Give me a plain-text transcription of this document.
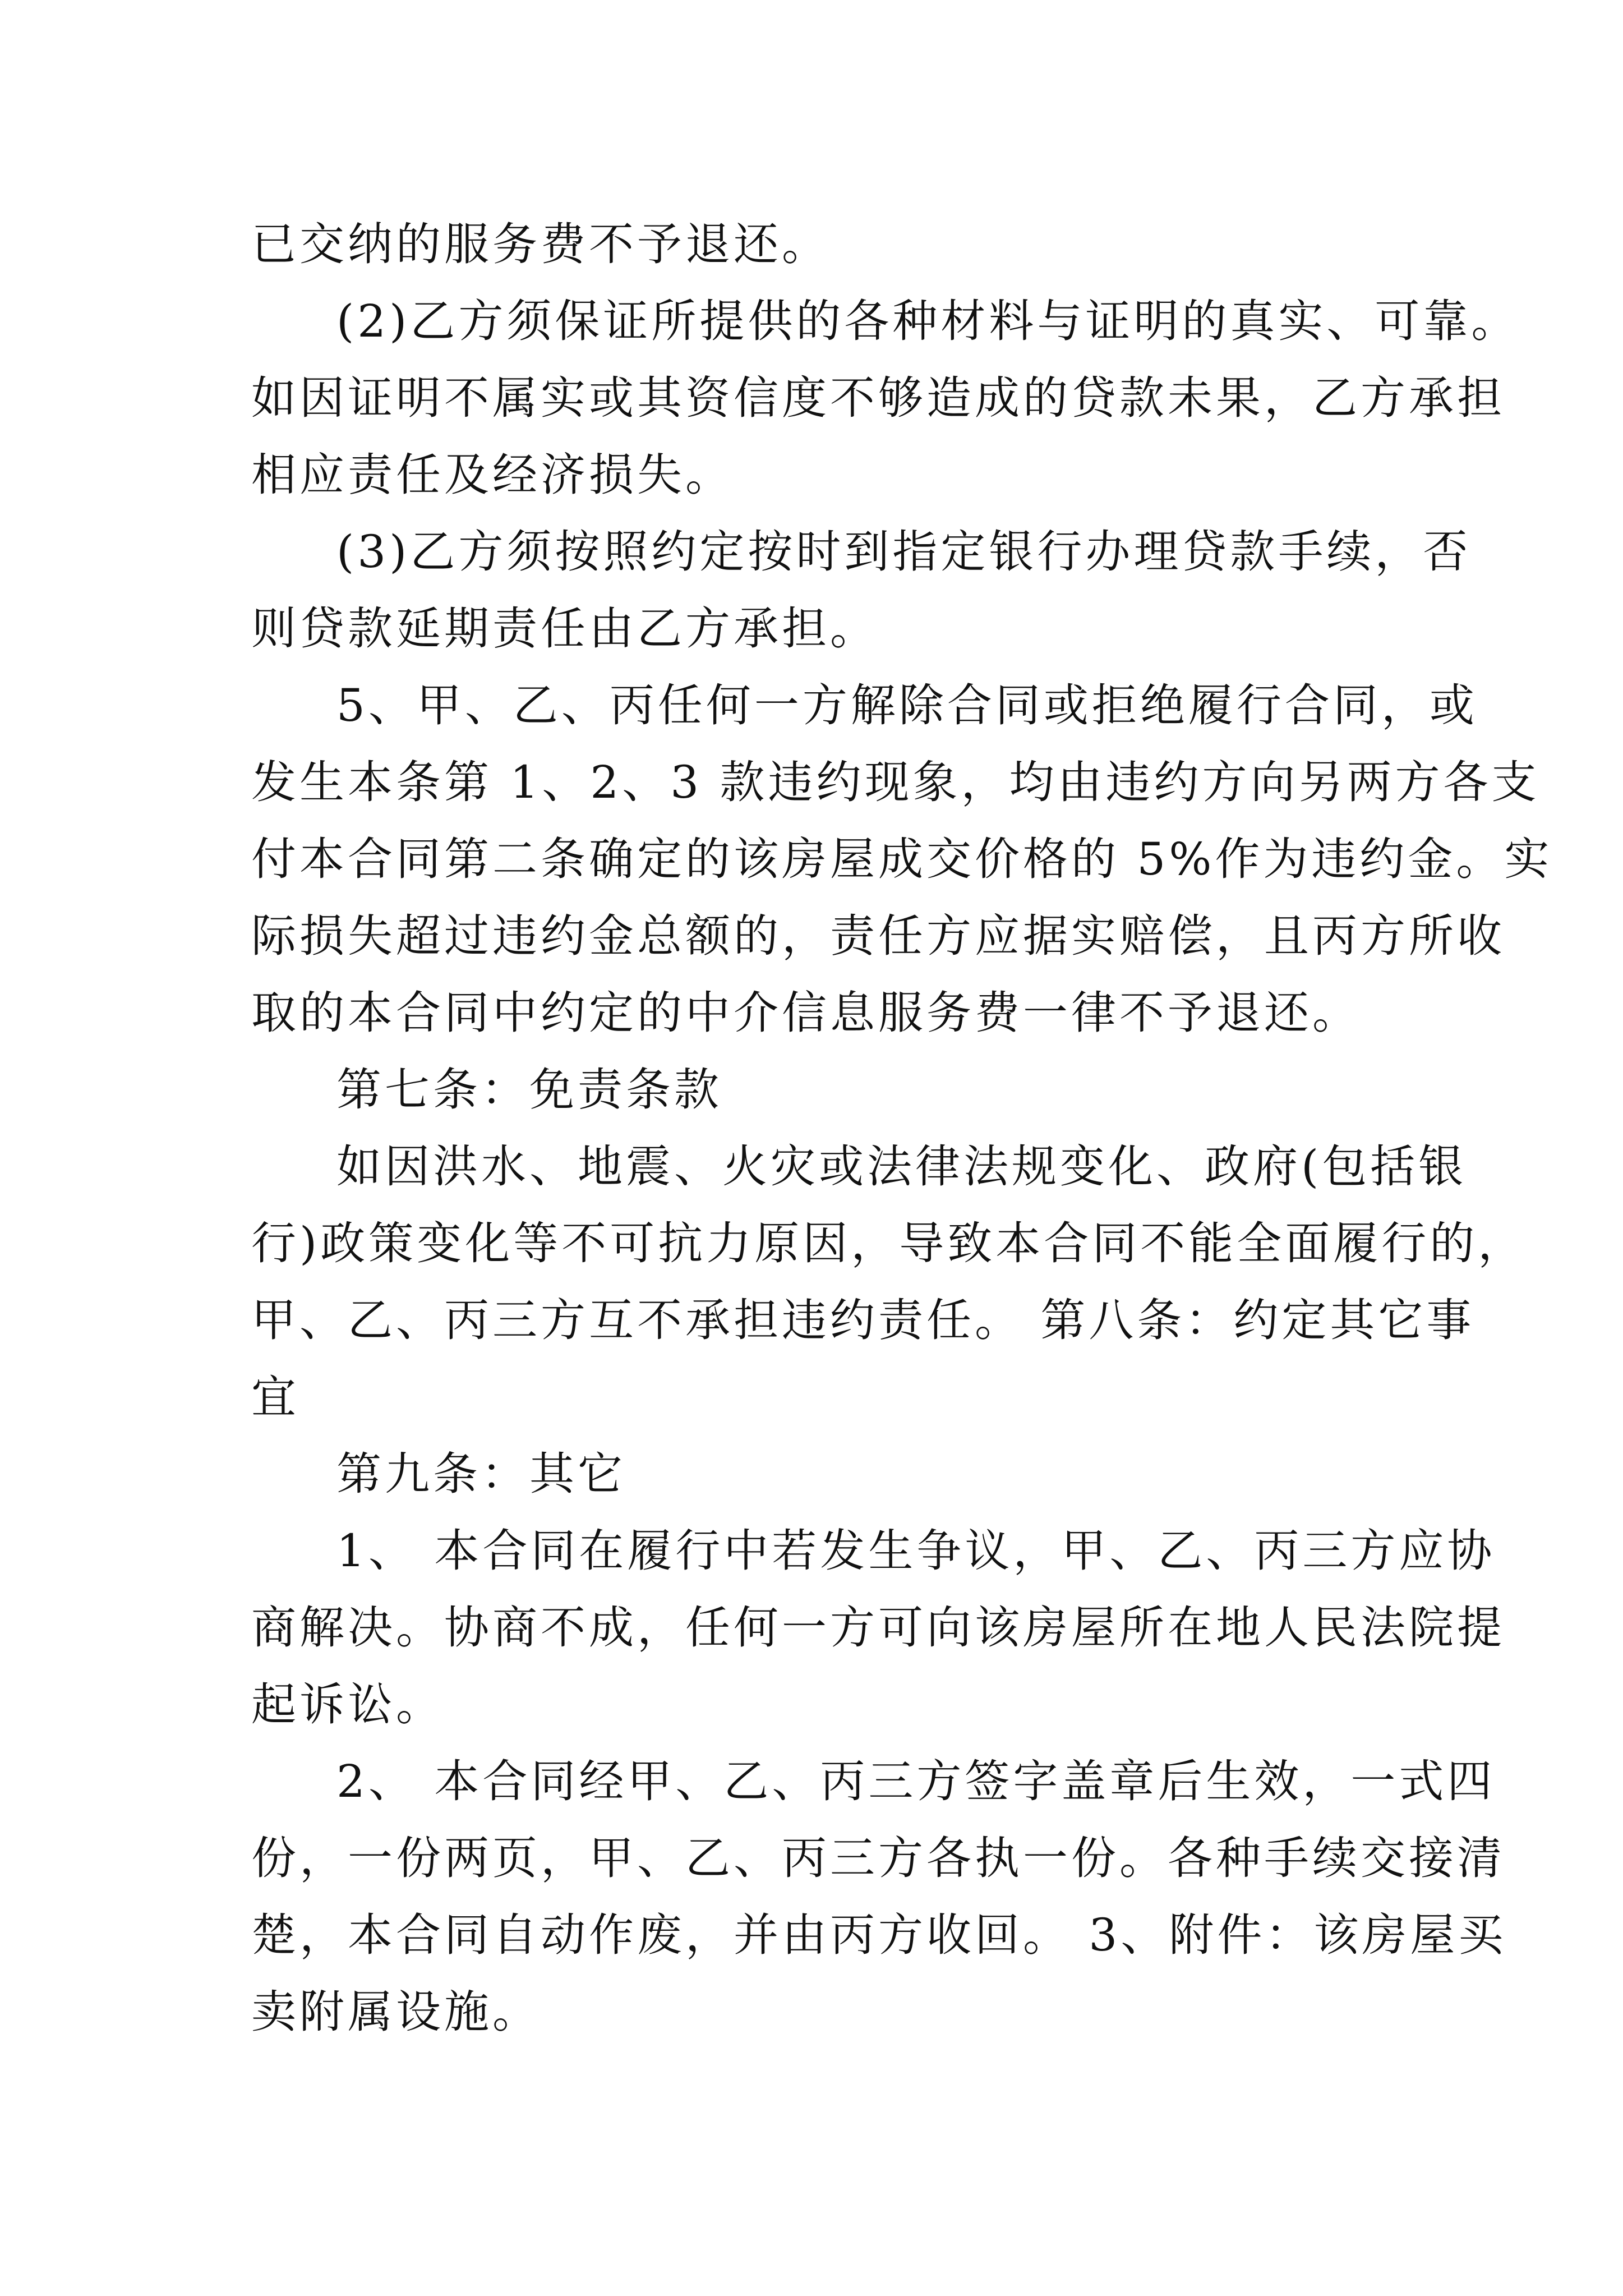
已交纳的服务费不予退还。
(2)乙方须保证所提供的各种材料与证明的真实、可靠。
如因证明不属实或其资信度不够造成的贷款未果，乙方承担
相应责任及经济损失。
(3)乙方须按照约定按时到指定银行办理贷款手续，否
则贷款延期责任由乙方承担。
5、甲、乙、丙任何一方解除合同或拒绝履行合同，或
发生本条第 1、2、3 款违约现象，均由违约方向另两方各支
付本合同第二条确定的该房屋成交价格的 5%作为违约金。实
际损失超过违约金总额的，责任方应据实赔偿，且丙方所收
取的本合同中约定的中介信息服务费一律不予退还。
第七条：免责条款
如因洪水、地震、火灾或法律法规变化、政府(包括银
行)政策变化等不可抗力原因，导致本合同不能全面履行的，
甲、乙、丙三方互不承担违约责任。 第八条：约定其它事
宜
第九条：其它
1、 本合同在履行中若发生争议，甲、乙、丙三方应协
商解决。协商不成，任何一方可向该房屋所在地人民法院提
起诉讼。
2、 本合同经甲、乙、丙三方签字盖章后生效，一式四
份，一份两页，甲、乙、丙三方各执一份。各种手续交接清
楚，本合同自动作废，并由丙方收回。 3、附件：该房屋买
卖附属设施。
